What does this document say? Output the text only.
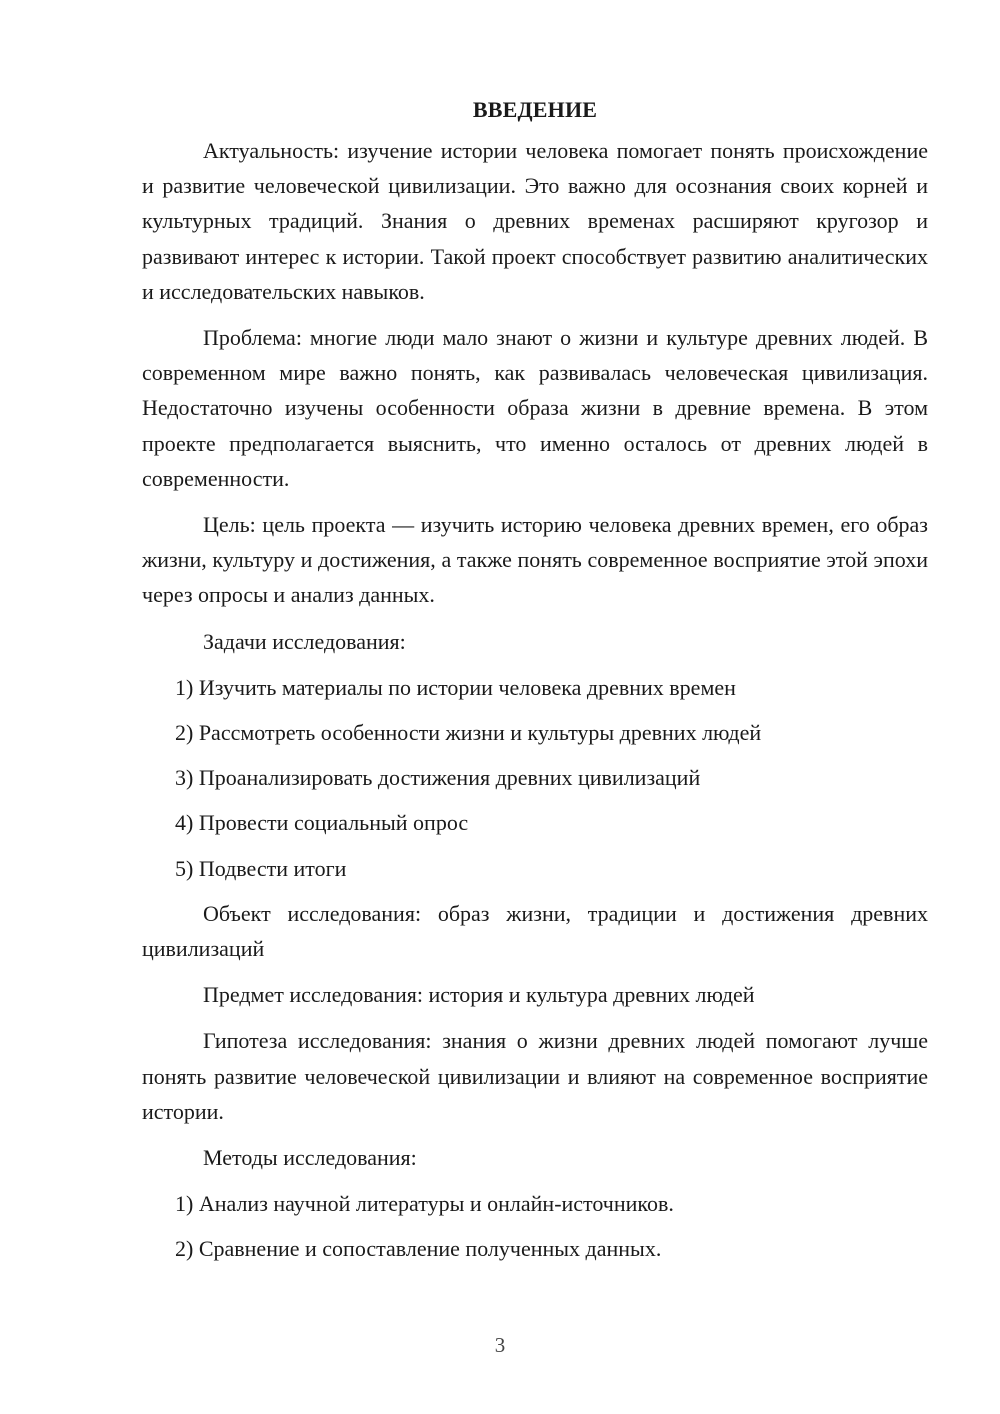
ВВЕДЕНИЕ

Актуальность: изучение истории человека помогает понять происхождение и развитие человеческой цивилизации. Это важно для осознания своих корней и культурных традиций. Знания о древних временах расширяют кругозор и развивают интерес к истории. Такой проект способствует развитию аналитических и исследовательских навыков.

Проблема: многие люди мало знают о жизни и культуре древних людей. В современном мире важно понять, как развивалась человеческая цивилизация. Недостаточно изучены особенности образа жизни в древние времена. В этом проекте предполагается выяснить, что именно осталось от древних людей в современности.

Цель: цель проекта — изучить историю человека древних времен, его образ жизни, культуру и достижения, а также понять современное восприятие этой эпохи через опросы и анализ данных.

Задачи исследования:

1) Изучить материалы по истории человека древних времен

2) Рассмотреть особенности жизни и культуры древних людей

3) Проанализировать достижения древних цивилизаций

4) Провести социальный опрос

5) Подвести итоги

Объект исследования: образ жизни, традиции и достижения древних цивилизаций

Предмет исследования: история и культура древних людей

Гипотеза исследования: знания о жизни древних людей помогают лучше понять развитие человеческой цивилизации и влияют на современное восприятие истории.

Методы исследования:

1) Анализ научной литературы и онлайн-источников.

2) Сравнение и сопоставление полученных данных.

3
